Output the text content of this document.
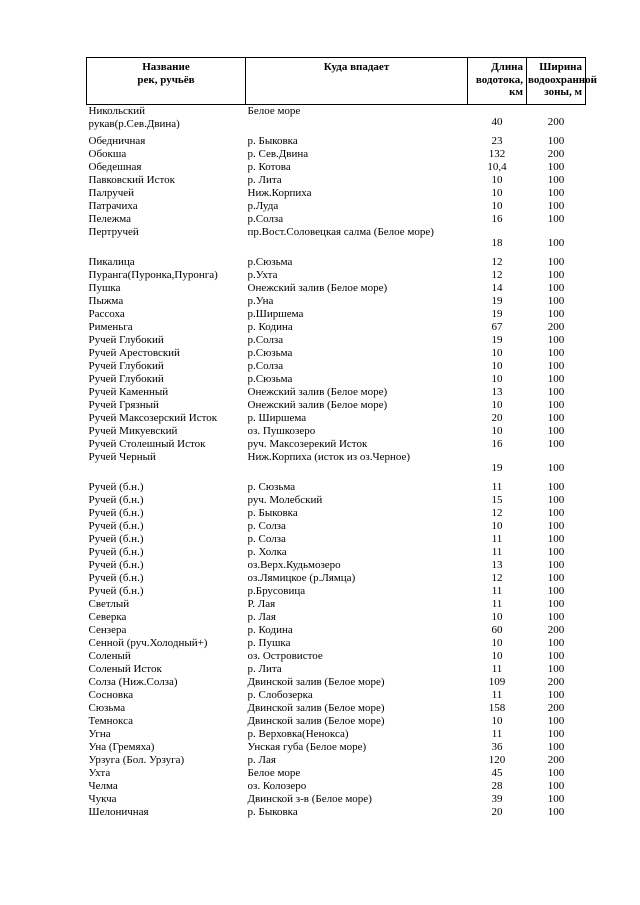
Название
рек, ручьёв	Куда впадает	Длина
водотока,
км	Ширина
водоохранной
зоны, м
Никольский
рукав(р.Сев.Двина)	Белое море	40	200
Обедничная	р. Быковка	23	100
Обокша	р. Сев.Двина	132	200
Обедешная	р. Котова	10,4	100
Павковский Исток	р. Лита	10	100
Палручей	Ниж.Корпиха	10	100
Патрачиха	р.Луда	10	100
Пележма	р.Солза	16	100
Пертручей	пр.Вост.Соловецкая салма (Белое море)	18	100
Пикалица	р.Сюзьма	12	100
Пуранга(Пуронка,Пуронга)	р.Ухта	12	100
Пушка	Онежский залив (Белое море)	14	100
Пыжма	р.Уна	19	100
Рассоха	р.Ширшема	19	100
Рименьга	р. Кодина	67	200
Ручей Глубокий	р.Солза	19	100
Ручей Арестовский	р.Сюзьма	10	100
Ручей Глубокий	р.Солза	10	100
Ручей Глубокий	р.Сюзьма	10	100
Ручей Каменный	Онежский залив (Белое море)	13	100
Ручей Грязный	Онежский залив (Белое море)	10	100
Ручей Максозерский Исток	р. Ширшема	20	100
Ручей Микуевский	оз. Пушкозеро	10	100
Ручей Столешный Исток	руч. Максозерекий Исток	16	100
Ручей Черный	Ниж.Корпиха (исток из оз.Черное)	19	100
Ручей (б.н.)	р. Сюзьма	11	100
Ручей (б.н.)	руч. Молебский	15	100
Ручей (б.н.)	р. Быковка	12	100
Ручей (б.н.)	р. Солза	10	100
Ручей (б.н.)	р. Солза	11	100
Ручей (б.н.)	р. Холка	11	100
Ручей (б.н.)	оз.Верх.Кудьмозеро	13	100
Ручей (б.н.)	оз.Лямицкое (р.Лямца)	12	100
Ручей (б.н.)	р.Брусовица	11	100
Светлый	Р. Лая	11	100
Северка	р. Лая	10	100
Сензера	р. Кодина	60	200
Сенной (руч.Холодный+)	р. Пушка	10	100
Соленый	оз. Островистое	10	100
Соленый Исток	р. Лита	11	100
Солза (Ниж.Солза)	Двинской залив (Белое море)	109	200
Сосновка	р. Слобозерка	11	100
Сюзьма	Двинской залив (Белое море)	158	200
Темнокса	Двинской залив (Белое море)	10	100
Угна	р. Верховка(Ненокса)	11	100
Уна (Гремяха)	Унская губа (Белое море)	36	100
Урзуга (Бол. Урзуга)	р. Лая	120	200
Ухта	Белое море	45	100
Челма	оз. Колозеро	28	100
Чукча	Двинской з-в (Белое море)	39	100
Шелоничная	р. Быковка	20	100
